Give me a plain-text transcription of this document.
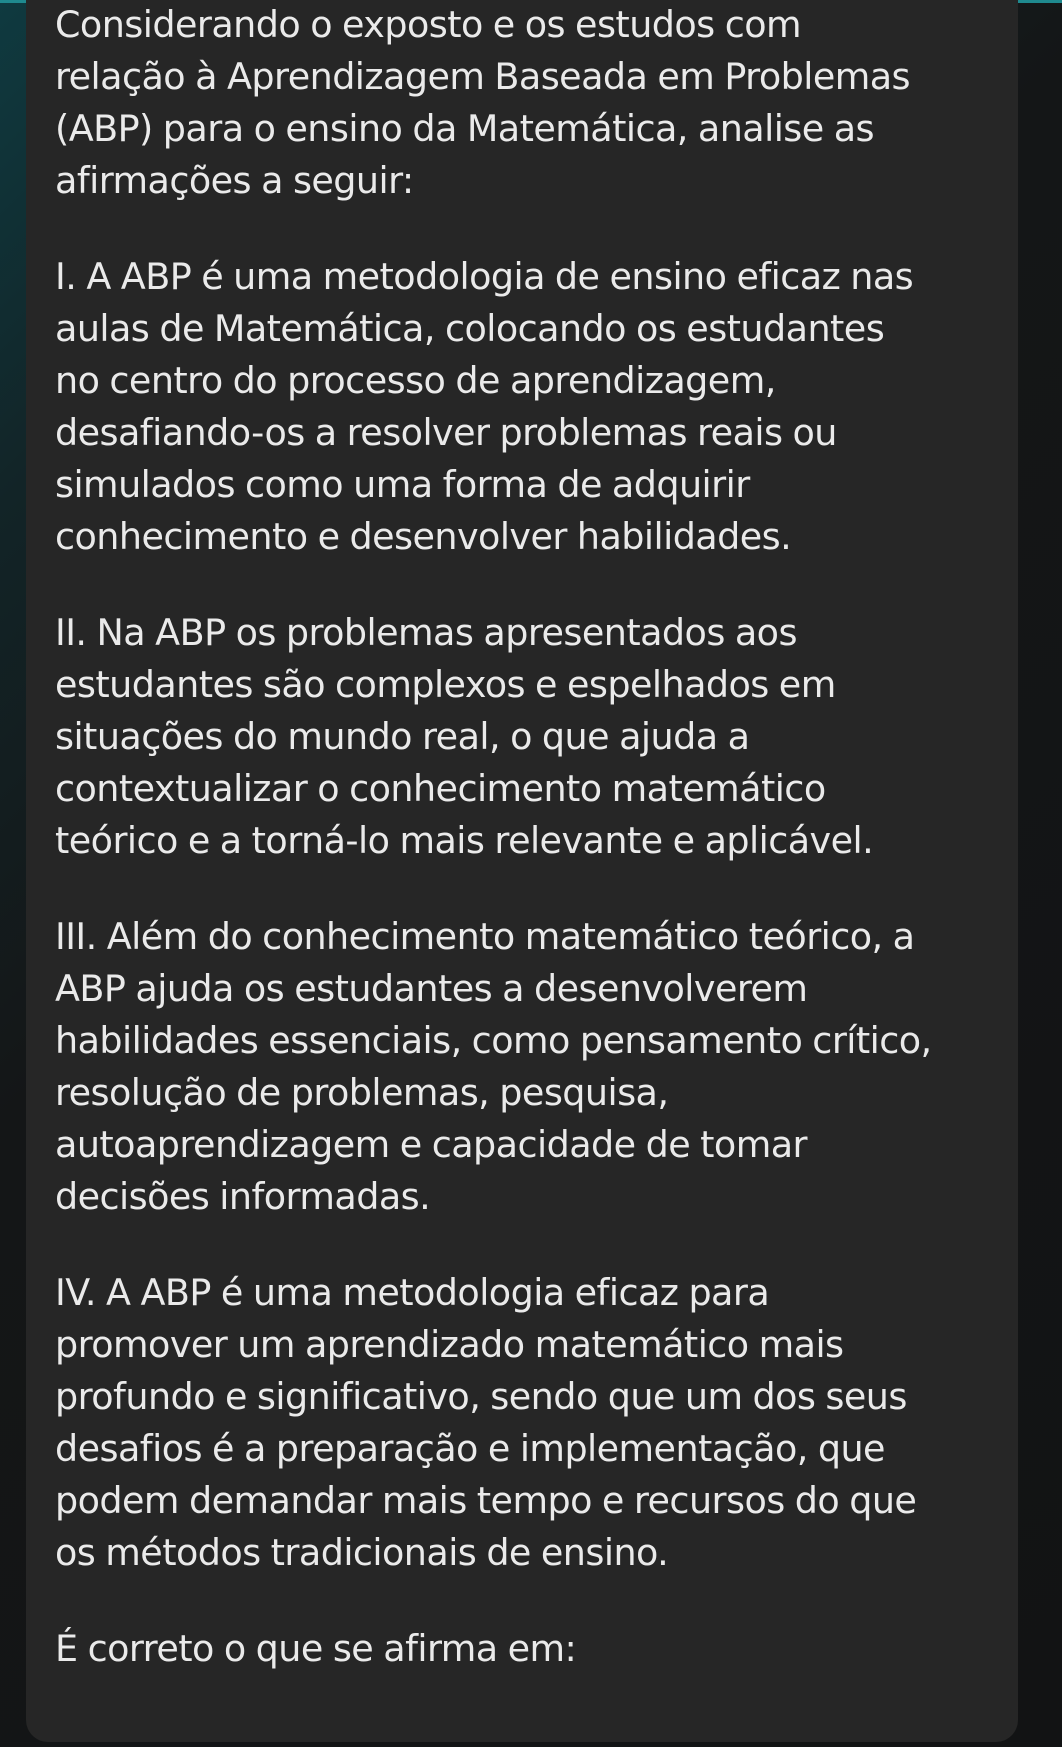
Considerando o exposto e os estudos com
relação à Aprendizagem Baseada em Problemas
(ABP) para o ensino da Matemática, analise as
afirmações a seguir:

I. A ABP é uma metodologia de ensino eficaz nas
aulas de Matemática, colocando os estudantes
no centro do processo de aprendizagem,
desafiando-os a resolver problemas reais ou
simulados como uma forma de adquirir
conhecimento e desenvolver habilidades.

II. Na ABP os problemas apresentados aos
estudantes são complexos e espelhados em
situações do mundo real, o que ajuda a
contextualizar o conhecimento matemático
teórico e a torná-lo mais relevante e aplicável.

III. Além do conhecimento matemático teórico, a
ABP ajuda os estudantes a desenvolverem
habilidades essenciais, como pensamento crítico,
resolução de problemas, pesquisa,
autoaprendizagem e capacidade de tomar
decisões informadas.

IV. A ABP é uma metodologia eficaz para
promover um aprendizado matemático mais
profundo e significativo, sendo que um dos seus
desafios é a preparação e implementação, que
podem demandar mais tempo e recursos do que
os métodos tradicionais de ensino.

É correto o que se afirma em:
